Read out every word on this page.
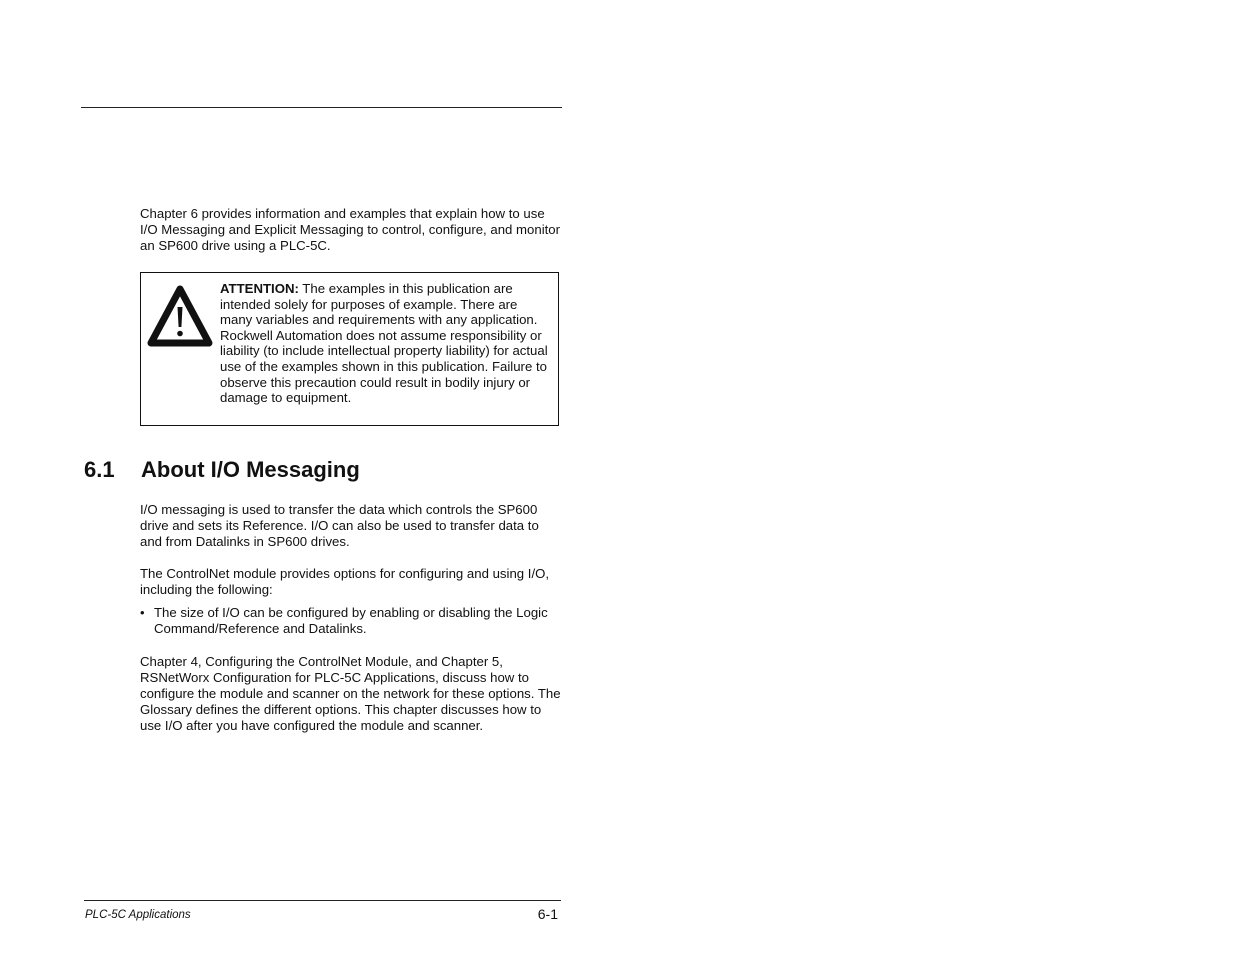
Chapter 6 provides information and examples that explain how to use I/O Messaging and Explicit Messaging to control, configure, and monitor an SP600 drive using a PLC-5C.

ATTENTION: The examples in this publication are intended solely for purposes of example. There are many variables and requirements with any application. Rockwell Automation does not assume responsibility or liability (to include intellectual property liability) for actual use of the examples shown in this publication. Failure to observe this precaution could result in bodily injury or damage to equipment.

6.1 About I/O Messaging

I/O messaging is used to transfer the data which controls the SP600 drive and sets its Reference. I/O can also be used to transfer data to and from Datalinks in SP600 drives.

The ControlNet module provides options for configuring and using I/O, including the following:

• The size of I/O can be configured by enabling or disabling the Logic Command/Reference and Datalinks.

Chapter 4, Configuring the ControlNet Module, and Chapter 5, RSNetWorx Configuration for PLC-5C Applications, discuss how to configure the module and scanner on the network for these options. The Glossary defines the different options. This chapter discusses how to use I/O after you have configured the module and scanner.

PLC-5C Applications	6-1
